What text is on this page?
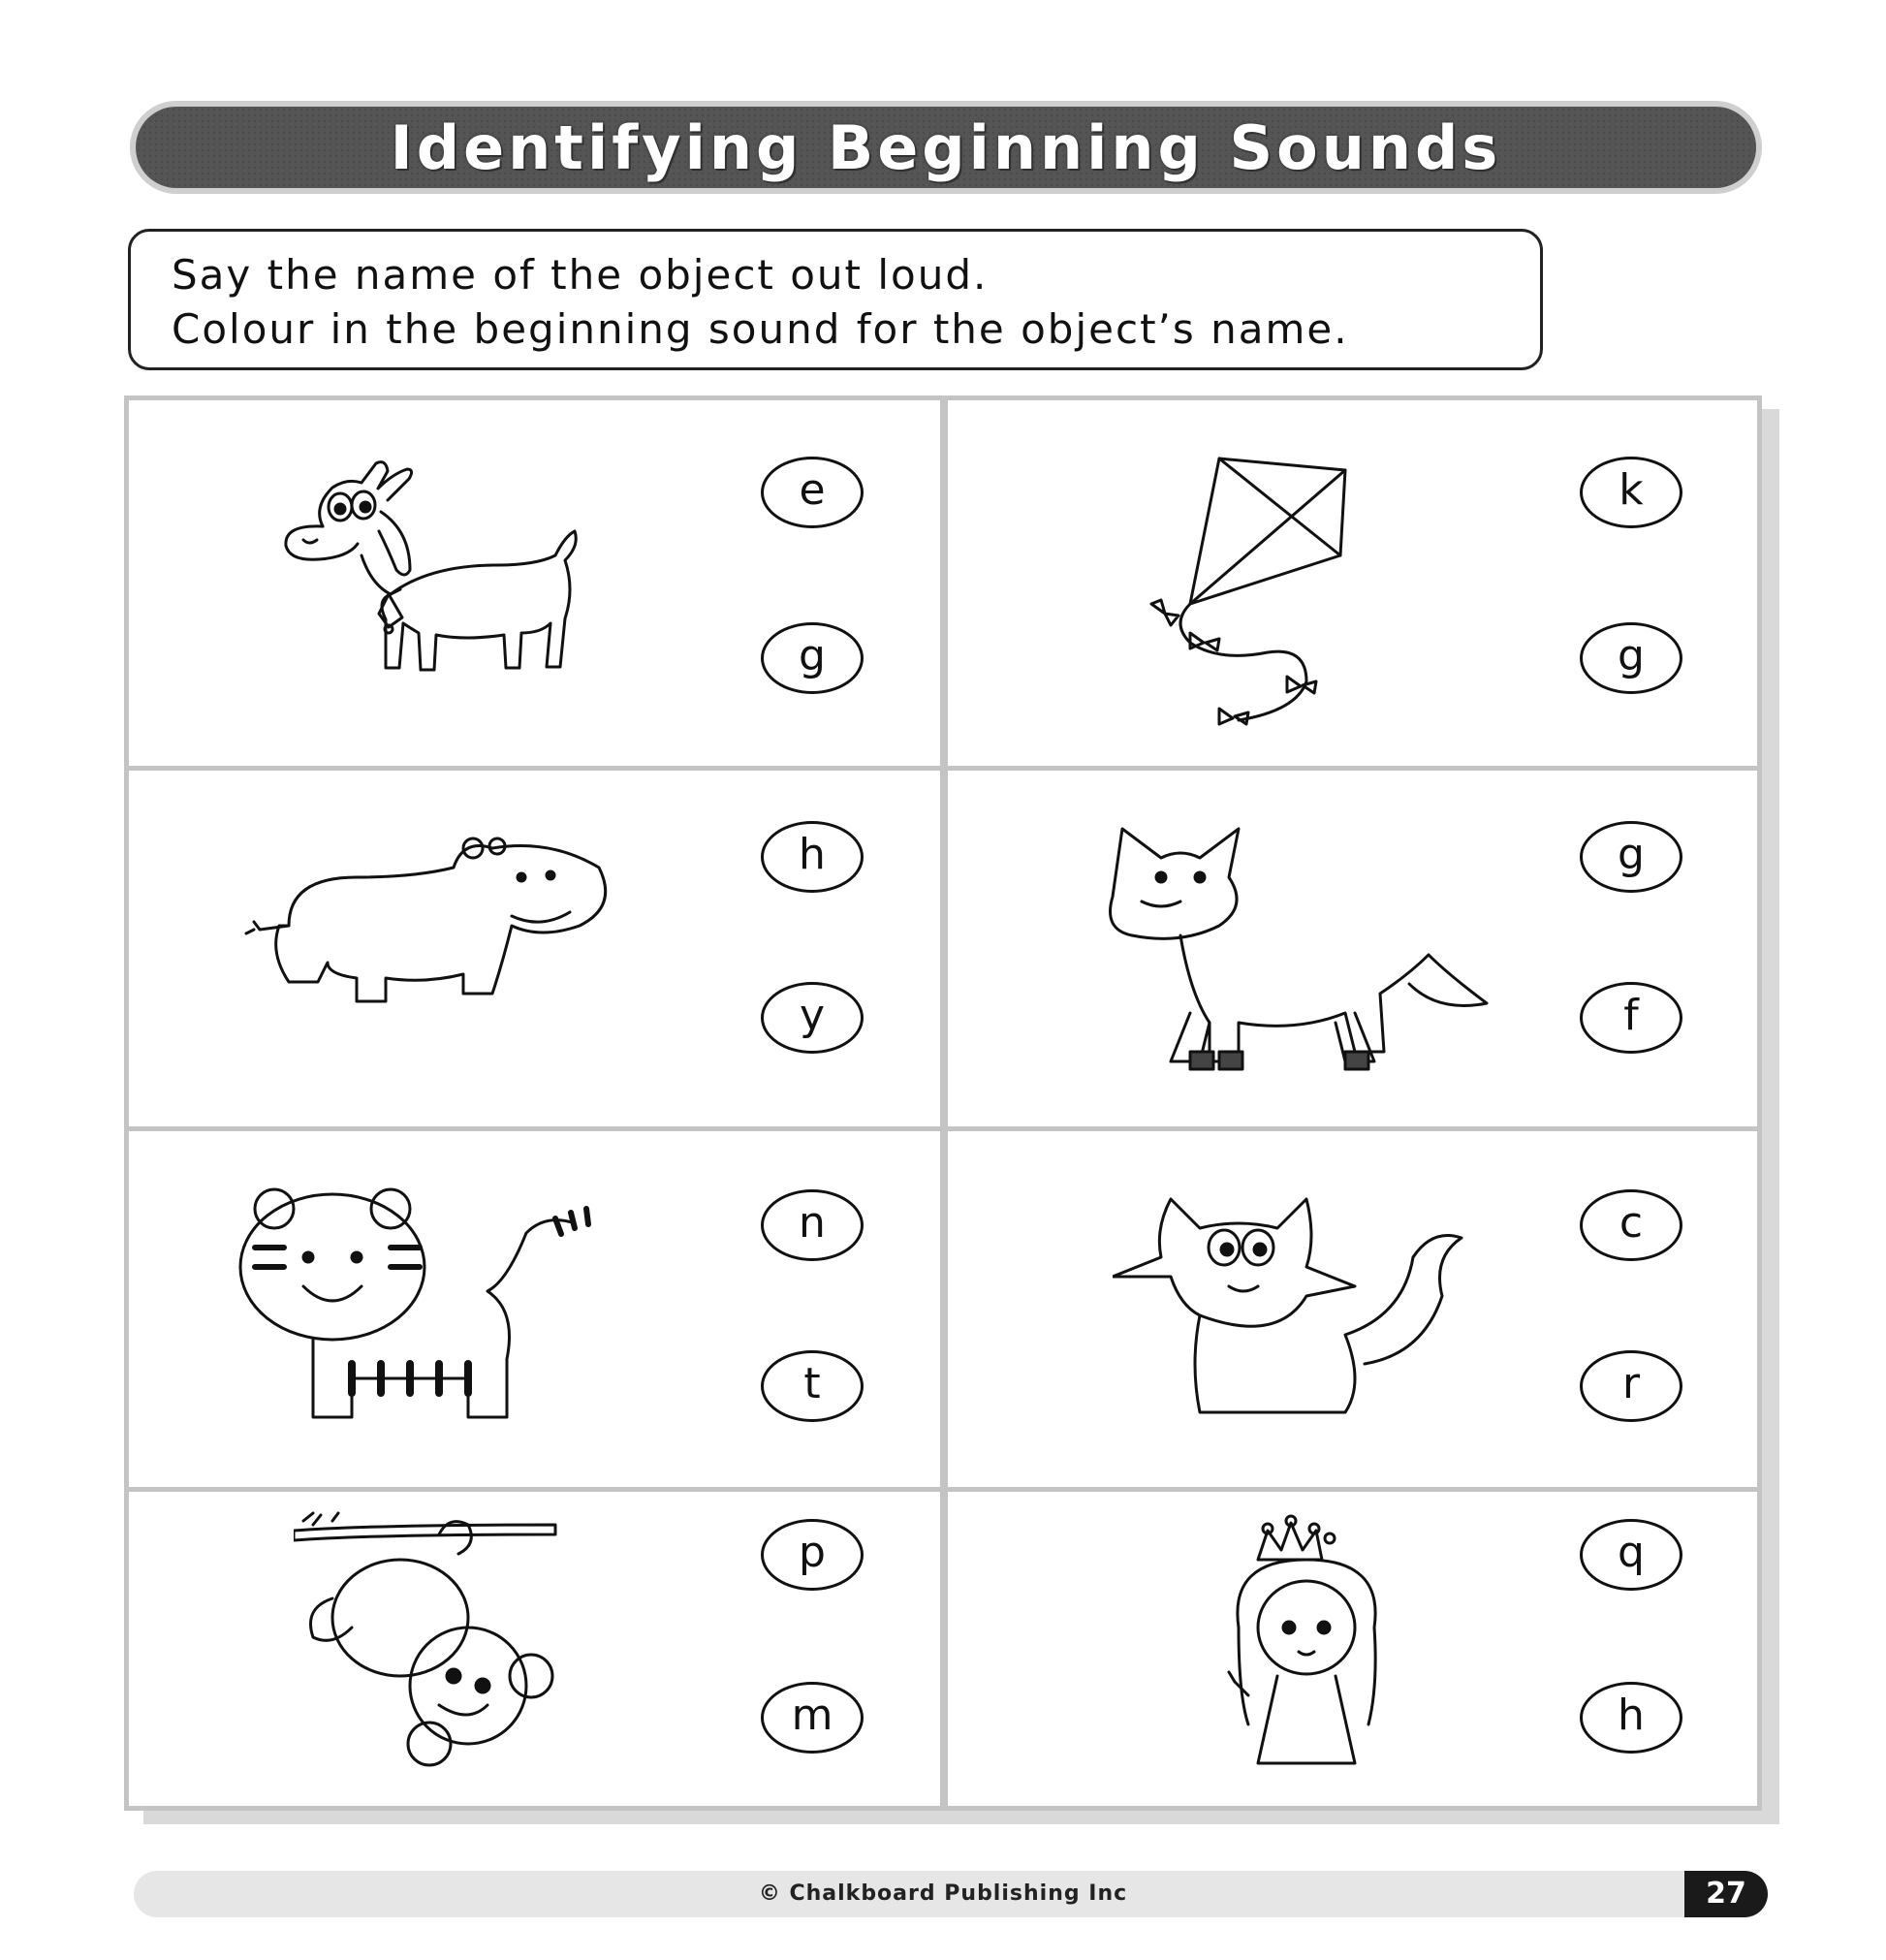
Identifying Beginning Sounds
Say the name of the object out loud.
Colour in the beginning sound for the object’s name.
e
g
k
g
h
y
g
f
n
t
c
r
p
m
q
h
© Chalkboard Publishing Inc	27
